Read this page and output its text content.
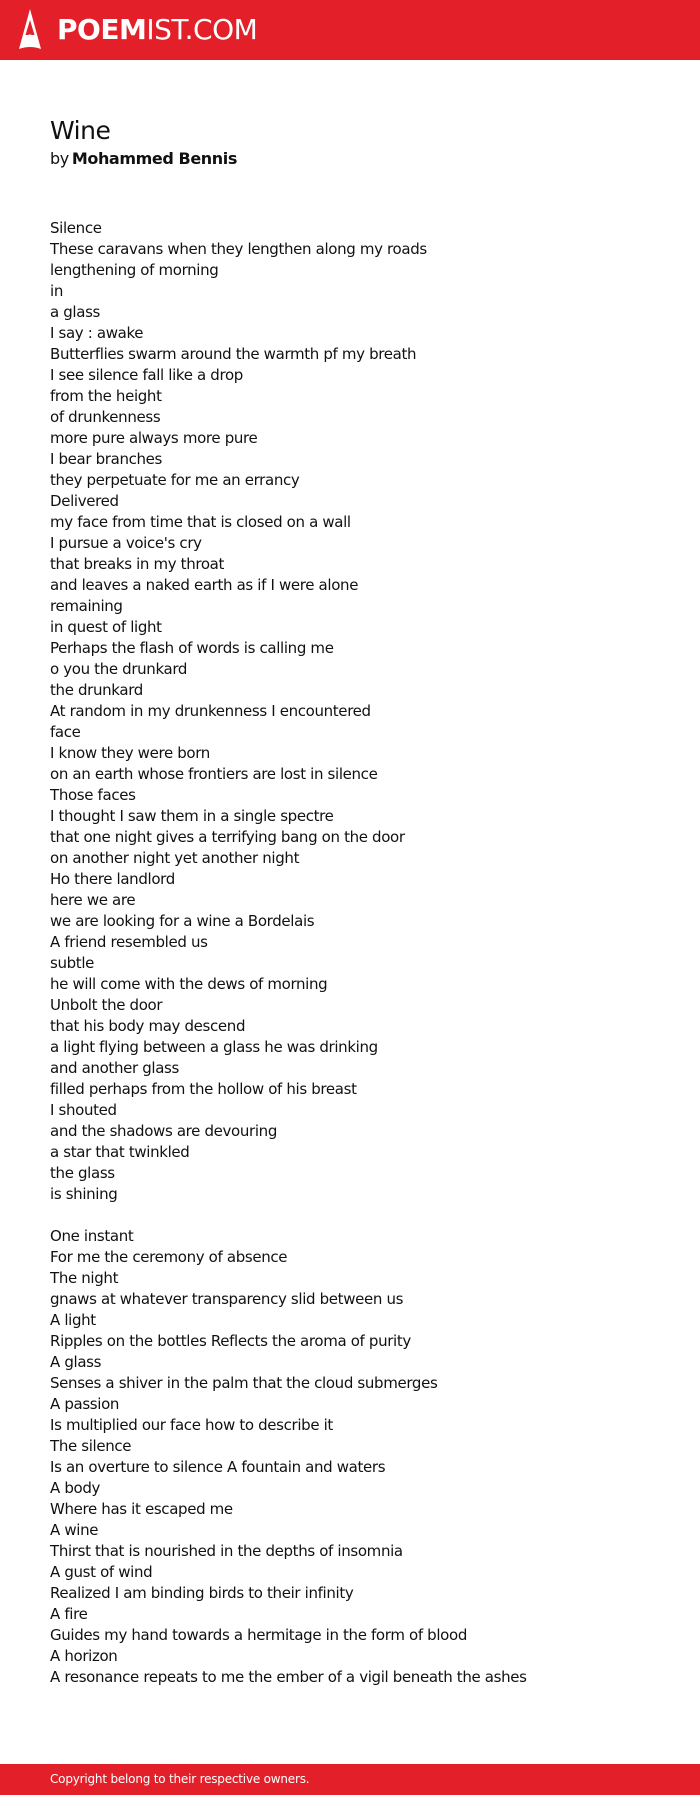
POEMIST.COM
Wine
by Mohammed Bennis
Silence
These caravans when they lengthen along my roads
lengthening of morning
in
a glass
I say : awake
Butterflies swarm around the warmth pf my breath
I see silence fall like a drop
from the height
of drunkenness
more pure always more pure
I bear branches
they perpetuate for me an errancy
Delivered
my face from time that is closed on a wall
I pursue a voice's cry
that breaks in my throat
and leaves a naked earth as if I were alone
remaining
in quest of light
Perhaps the flash of words is calling me
o you the drunkard
the drunkard
At random in my drunkenness I encountered
face
I know they were born
on an earth whose frontiers are lost in silence
Those faces
I thought I saw them in a single spectre
that one night gives a terrifying bang on the door
on another night yet another night
Ho there landlord
here we are
we are looking for a wine a Bordelais
A friend resembled us
subtle
he will come with the dews of morning
Unbolt the door
that his body may descend
a light flying between a glass he was drinking
and another glass
filled perhaps from the hollow of his breast
I shouted
and the shadows are devouring
a star that twinkled
the glass
is shining
One instant
For me the ceremony of absence
The night
gnaws at whatever transparency slid between us
A light
Ripples on the bottles Reflects the aroma of purity
A glass
Senses a shiver in the palm that the cloud submerges
A passion
Is multiplied our face how to describe it
The silence
Is an overture to silence A fountain and waters
A body
Where has it escaped me
A wine
Thirst that is nourished in the depths of insomnia
A gust of wind
Realized I am binding birds to their infinity
A fire
Guides my hand towards a hermitage in the form of blood
A horizon
A resonance repeats to me the ember of a vigil beneath the ashes
Copyright belong to their respective owners.
